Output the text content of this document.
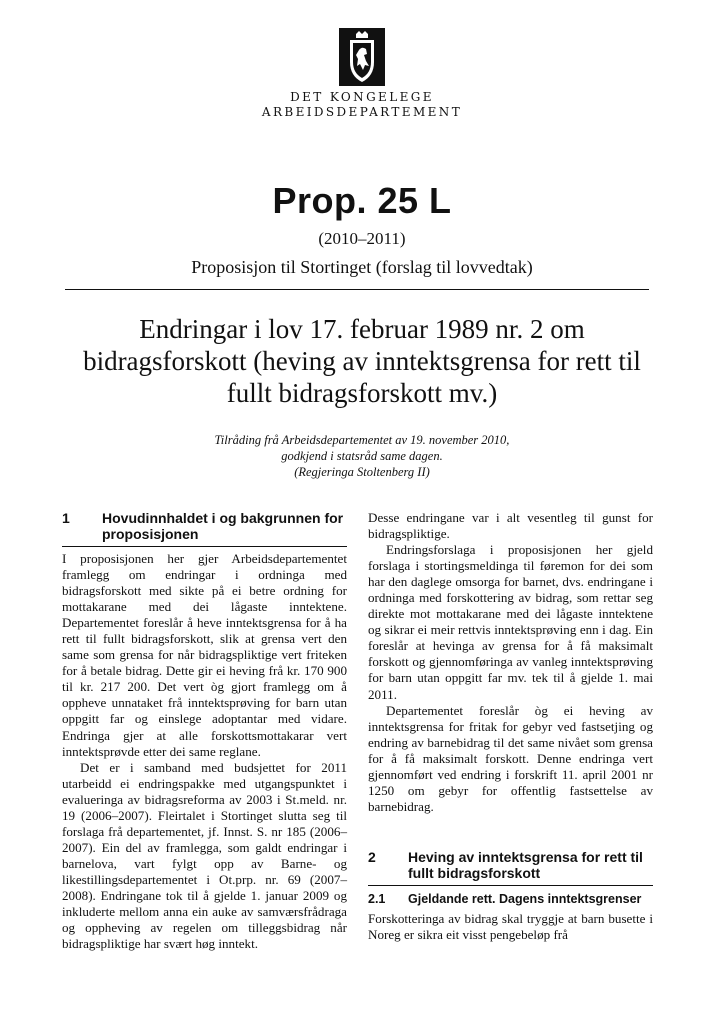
DET KONGELEGE
ARBEIDSDEPARTEMENT
Prop. 25 L
(2010–2011)
Proposisjon til Stortinget (forslag til lovvedtak)
Endringar i lov 17. februar 1989 nr. 2 om
bidragsforskott (heving av inntektsgrensa for rett til
fullt bidragsforskott mv.)
Tilråding frå Arbeidsdepartementet av 19. november 2010,
godkjend i statsråd same dagen.
(Regjeringa Stoltenberg II)
1	Hovudinnhaldet i og bakgrunnen for proposisjonen

I proposisjonen her gjer Arbeidsdepartementet framlegg om endringar i ordninga med bidragsforskott med sikte på ei betre ordning for mottakarane med dei lågaste inntektene. Departementet foreslår å heve inntektsgrensa for å ha rett til fullt bidragsforskott, slik at grensa vert den same som grensa for når bidragspliktige vert friteken for å betale bidrag. Dette gir ei heving frå kr. 170 900 til kr. 217 200. Det vert òg gjort framlegg om å oppheve unnataket frå inntektsprøving for barn utan oppgitt far og einslege adoptantar med vidare. Endringa gjer at alle forskottsmottakarar vert inntektsprøvde etter dei same reglane.

Det er i samband med budsjettet for 2011 utarbeidd ei endringspakke med utgangspunktet i evalueringa av bidragsreforma av 2003 i St.meld. nr. 19 (2006–2007). Fleirtalet i Stortinget slutta seg til forslaga frå departementet, jf. Innst. S. nr 185 (2006–2007). Ein del av framlegga, som galdt endringar i barnelova, vart fylgt opp av Barne- og likestillingsdepartementet i Ot.prp. nr. 69 (2007–2008). Endringane tok til å gjelde 1. januar 2009 og inkluderte mellom anna ein auke av samværsfrådraga og oppheving av regelen om tilleggsbidrag når bidragspliktige har svært høg inntekt.

Desse endringane var i alt vesentleg til gunst for bidragspliktige.

Endringsforslaga i proposisjonen her gjeld forslaga i stortingsmeldinga til føremon for dei som har den daglege omsorga for barnet, dvs. endringane i ordninga med forskottering av bidrag, som rettar seg direkte mot mottakarane med dei lågaste inntektene og sikrar ei meir rettvis inntektsprøving enn i dag. Ein foreslår at hevinga av grensa for å få maksimalt forskott og gjennomføringa av vanleg inntektsprøving for barn utan oppgitt far mv. tek til å gjelde 1. mai 2011.

Departementet foreslår òg ei heving av inntektsgrensa for fritak for gebyr ved fastsetjing og endring av barnebidrag til det same nivået som grensa for å få maksimalt forskott. Denne endringa vert gjennomført ved endring i forskrift 11. april 2001 nr 1250 om gebyr for offentlig fastsettelse av barnebidrag.

2	Heving av inntektsgrensa for rett til fullt bidragsforskott
2.1	Gjeldande rett. Dagens inntektsgrenser

Forskotteringa av bidrag skal tryggje at barn busette i Noreg er sikra eit visst pengebeløp frå
